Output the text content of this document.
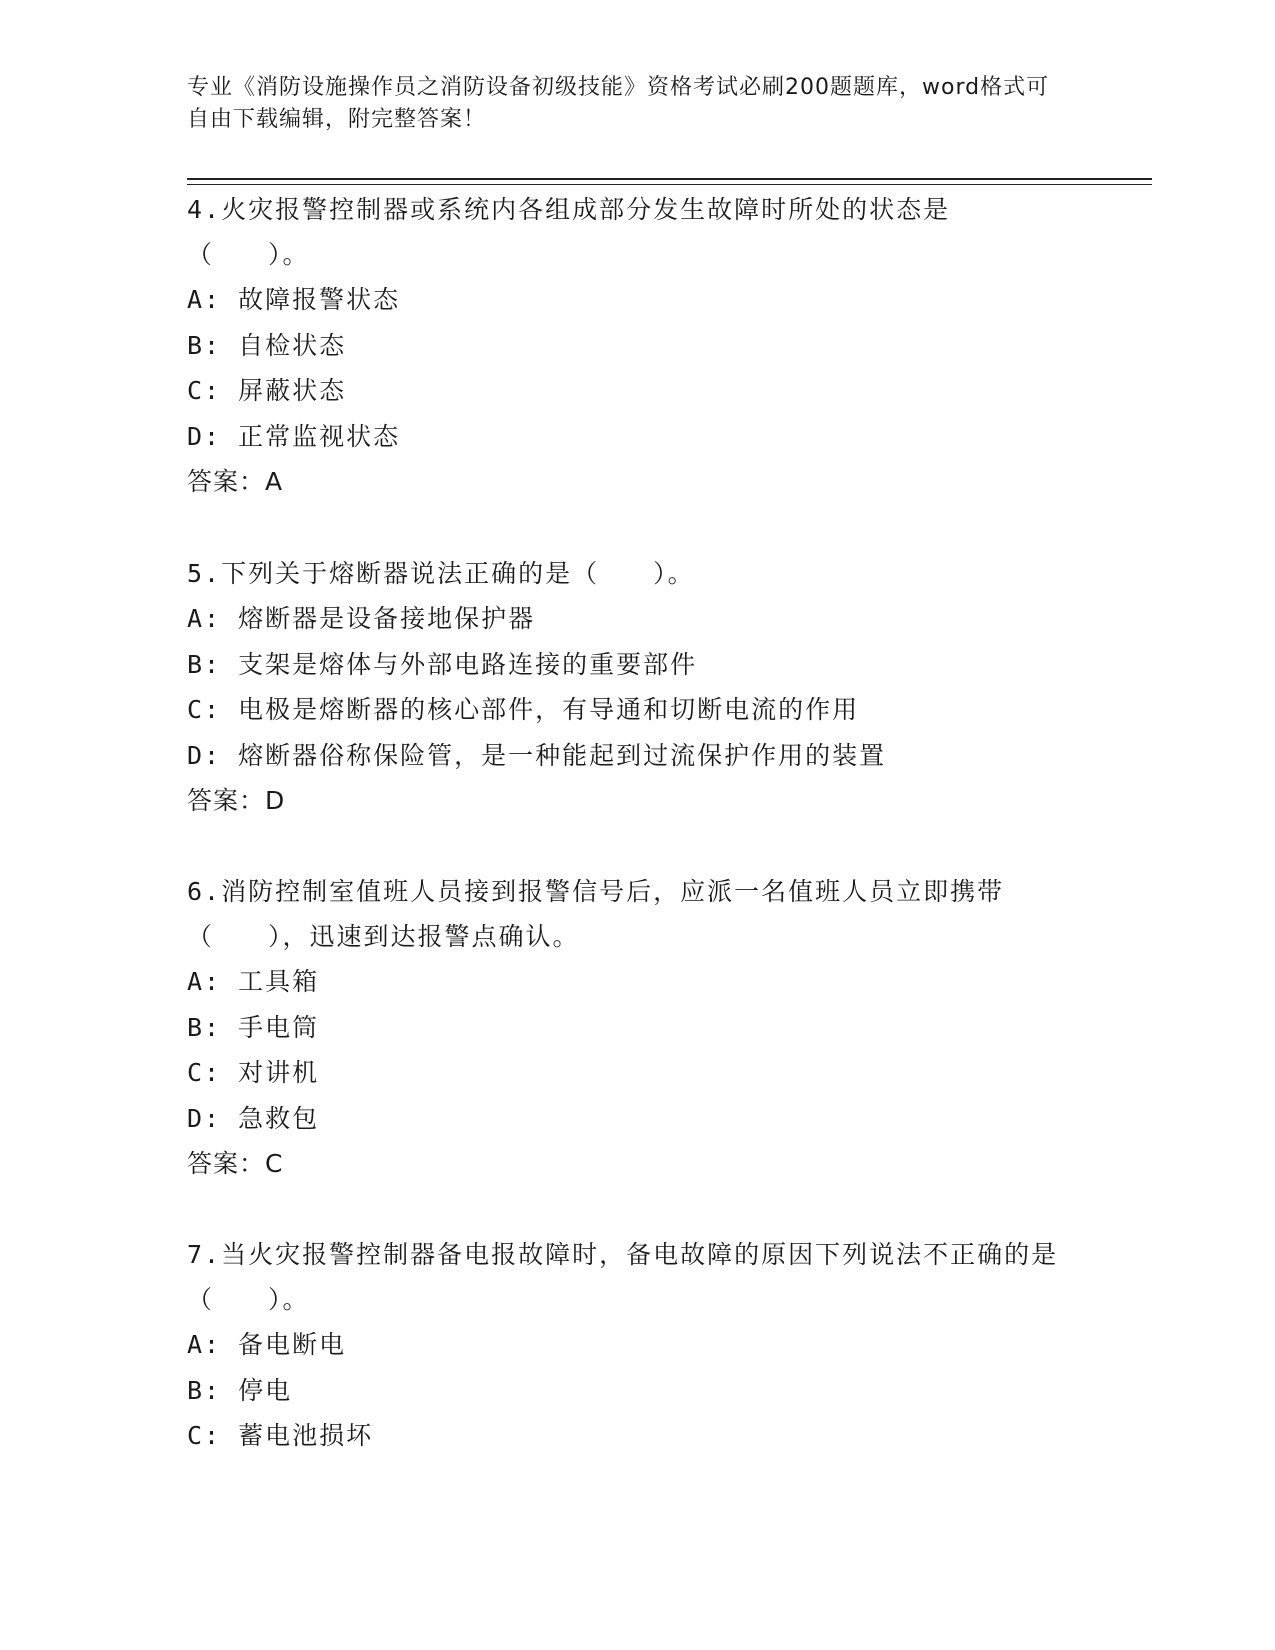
专业《消防设施操作员之消防设备初级技能》资格考试必刷200题题库，word格式可自由下载编辑，附完整答案！
4.火灾报警控制器或系统内各组成部分发生故障时所处的状态是（　　）。
A: 故障报警状态
B: 自检状态
C: 屏蔽状态
D: 正常监视状态
答案：A
5.下列关于熔断器说法正确的是（　　）。
A: 熔断器是设备接地保护器
B: 支架是熔体与外部电路连接的重要部件
C: 电极是熔断器的核心部件，有导通和切断电流的作用
D: 熔断器俗称保险管，是一种能起到过流保护作用的装置
答案：D
6.消防控制室值班人员接到报警信号后，应派一名值班人员立即携带（　　），迅速到达报警点确认。
A: 工具箱
B: 手电筒
C: 对讲机
D: 急救包
答案：C
7.当火灾报警控制器备电报故障时，备电故障的原因下列说法不正确的是（　　）。
A: 备电断电
B: 停电
C: 蓄电池损坏
